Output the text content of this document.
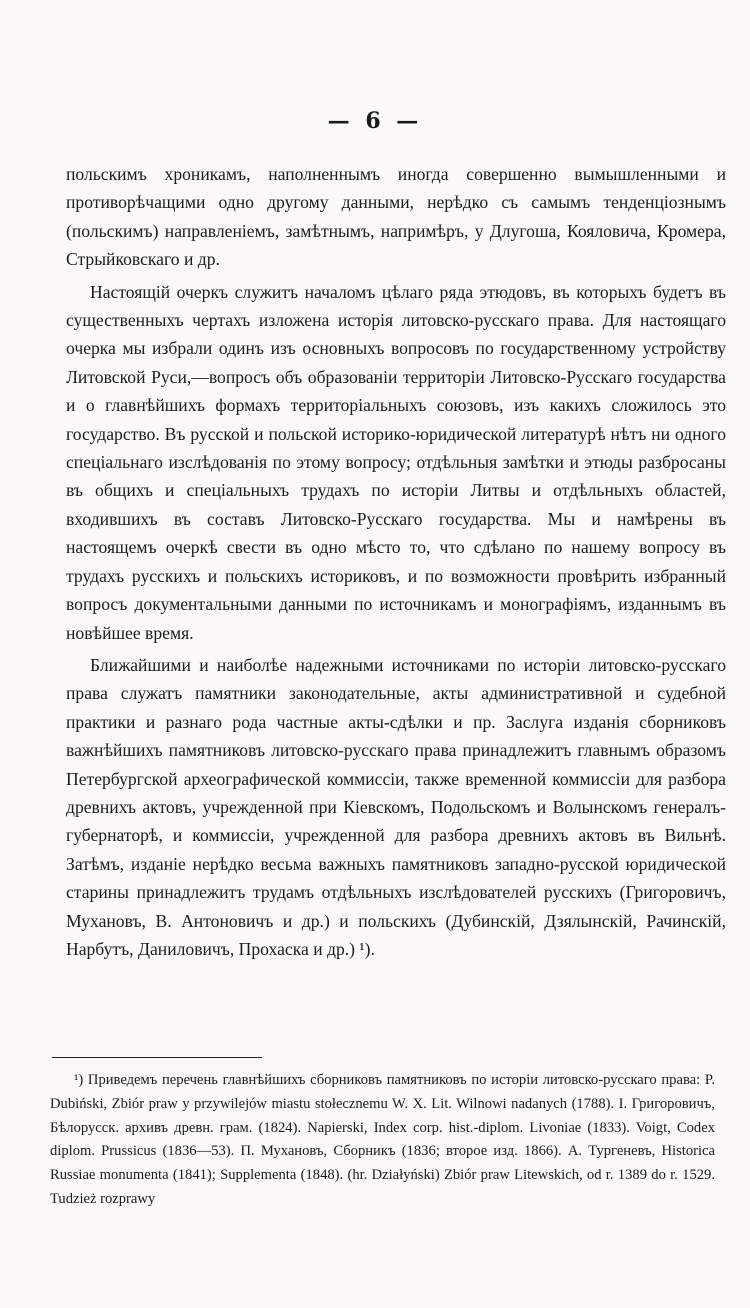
— 6 —

польскимъ хроникамъ, наполненнымъ иногда совершенно вымышленными и противорѣчащими одно другому данными, нерѣдко съ самымъ тенденціознымъ (польскимъ) направленіемъ, замѣтнымъ, напримѣръ, у Длугоша, Кояловича, Кромера, Стрыйковскаго и др.

Настоящій очеркъ служитъ началомъ цѣлаго ряда этюдовъ, въ которыхъ будетъ въ существенныхъ чертахъ изложена исторія литовско-русскаго права. Для настоящаго очерка мы избрали одинъ изъ основныхъ вопросовъ по государственному устройству Литовской Руси,—вопросъ объ образованіи территоріи Литовско-Русскаго государства и о главнѣйшихъ формахъ территоріальныхъ союзовъ, изъ какихъ сложилось это государство. Въ русской и польской историко-юридической литературѣ нѣтъ ни одного спеціальнаго изслѣдованія по этому вопросу; отдѣльныя замѣтки и этюды разбросаны въ общихъ и спеціальныхъ трудахъ по исторіи Литвы и отдѣльныхъ областей, входившихъ въ составъ Литовско-Русскаго государства. Мы и намѣрены въ настоящемъ очеркѣ свести въ одно мѣсто то, что сдѣлано по нашему вопросу въ трудахъ русскихъ и польскихъ историковъ, и по возможности провѣрить избранный вопросъ документальными данными по источникамъ и монографіямъ, изданнымъ въ новѣйшее время.

Ближайшими и наиболѣе надежными источниками по исторіи литовско-русскаго права служатъ памятники законодательные, акты административной и судебной практики и разнаго рода частные акты-сдѣлки и пр. Заслуга изданія сборниковъ важнѣйшихъ памятниковъ литовско-русскаго права принадлежитъ главнымъ образомъ Петербургской археографической коммиссіи, также временной коммиссіи для разбора древнихъ актовъ, учрежденной при Кіевскомъ, Подольскомъ и Волынскомъ генералъ-губернаторѣ, и коммиссіи, учрежденной для разбора древнихъ актовъ въ Вильнѣ. Затѣмъ, изданіе нерѣдко весьма важныхъ памятниковъ западно-русской юридической старины принадлежитъ трудамъ отдѣльныхъ изслѣдователей русскихъ (Григоровичъ, Мухановъ, В. Антоновичъ и др.) и польскихъ (Дубинскій, Дзялынскій, Рачинскій, Нарбутъ, Даниловичъ, Прохаска и др.) ¹).

¹) Приведемъ перечень главнѣйшихъ сборниковъ памятниковъ по исторіи литовско-русскаго права: P. Dubiński, Zbiór praw y przywilejów miastu stołecznemu W. X. Lit. Wilnowi nadanych (1788). I. Григоровичъ, Бѣлорусск. архивъ древн. грам. (1824). Napierski, Index corp. hist.-diplom. Livoniae (1833). Voigt, Codex diplom. Prussicus (1836—53). П. Мухановъ, Сборникъ (1836; второе изд. 1866). А. Тургеневъ, Historica Russiae monumenta (1841); Supplementa (1848). (hr. Działyński) Zbiór praw Litewskich, od r. 1389 do r. 1529. Tudzież rozprawy
